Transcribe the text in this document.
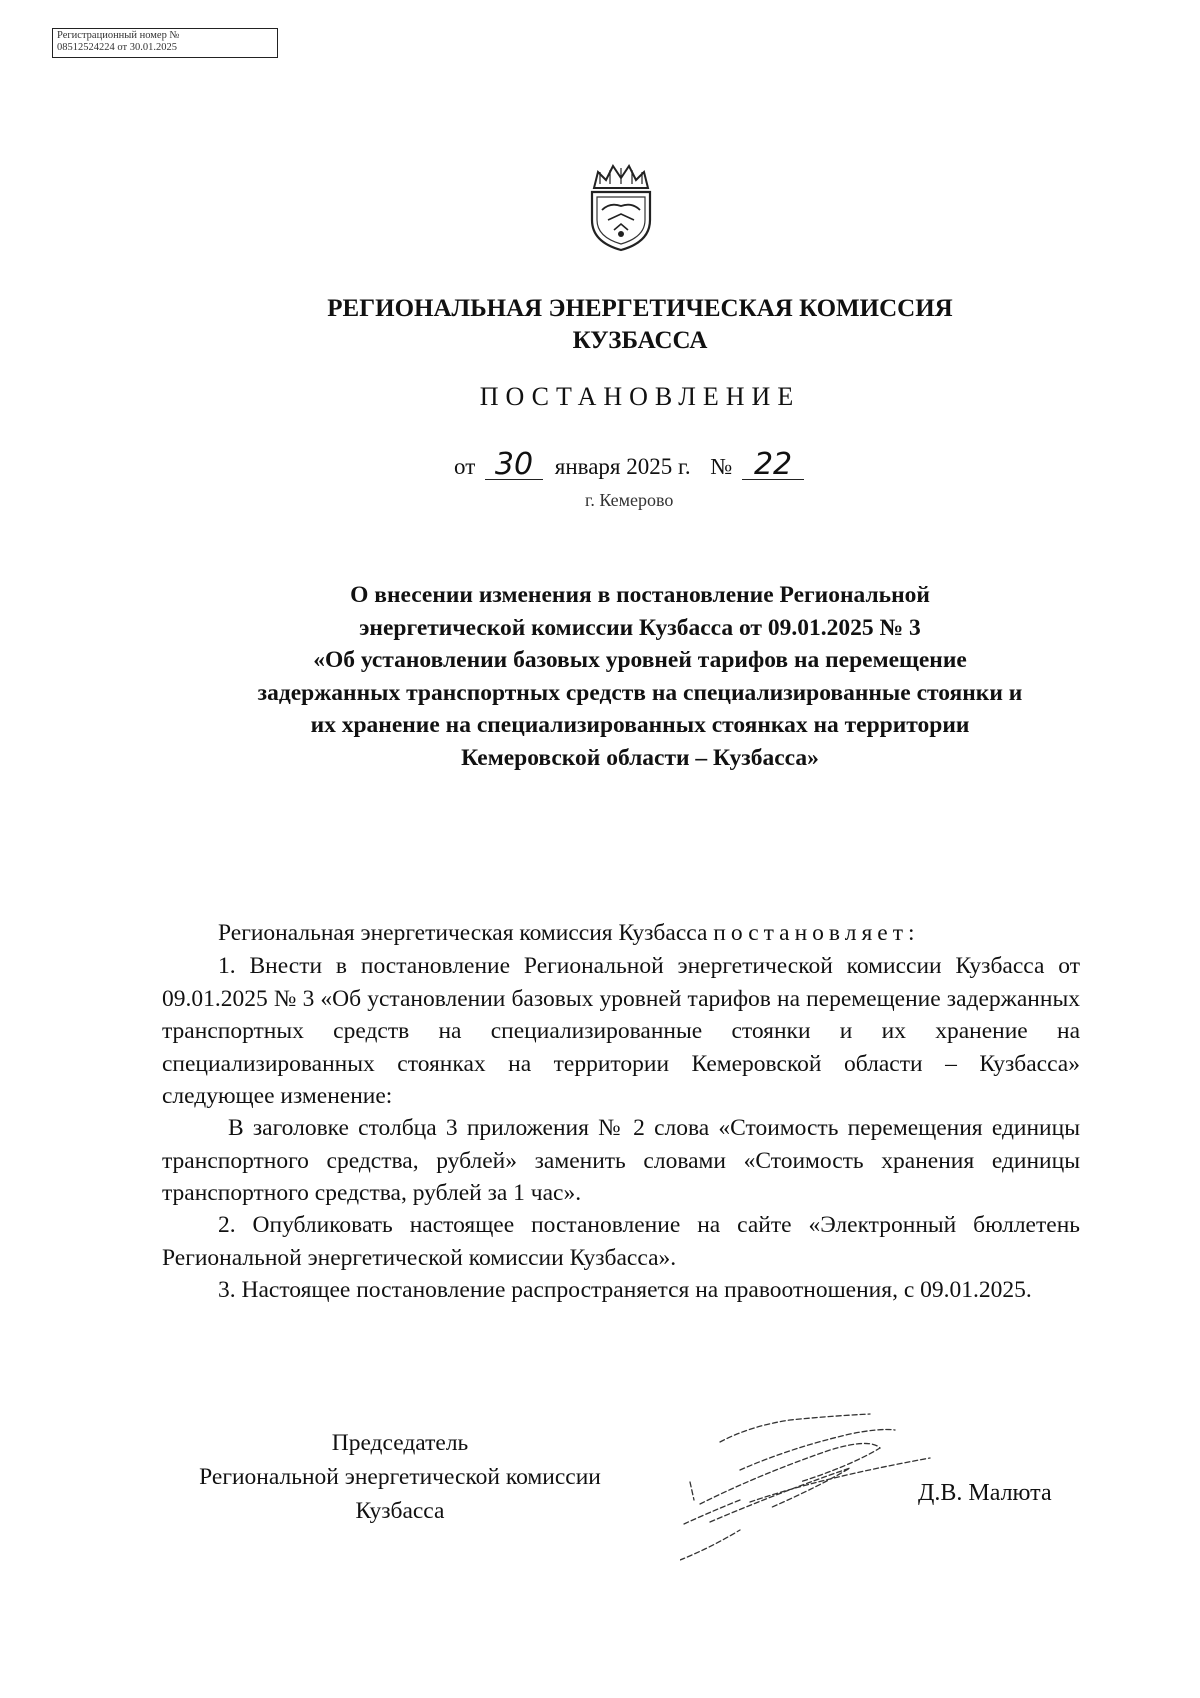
Регистрационный номер №
08512524224 от 30.01.2025
РЕГИОНАЛЬНАЯ ЭНЕРГЕТИЧЕСКАЯ КОМИССИЯ
КУЗБАССА
ПОСТАНОВЛЕНИЕ
от 30 января 2025 г. № 22
г. Кемерово
О внесении изменения в постановление Региональной
энергетической комиссии Кузбасса от 09.01.2025 № 3
«Об установлении базовых уровней тарифов на перемещение
задержанных транспортных средств на специализированные стоянки и
их хранение на специализированных стоянках на территории
Кемеровской области – Кузбасса»
Региональная энергетическая комиссия Кузбасса постановляет:
1. Внести в постановление Региональной энергетической комиссии Кузбасса от 09.01.2025 № 3 «Об установлении базовых уровней тарифов на перемещение задержанных транспортных средств на специализированные стоянки и их хранение на специализированных стоянках на территории Кемеровской области – Кузбасса» следующее изменение:
В заголовке столбца 3 приложения № 2 слова «Стоимость перемещения единицы транспортного средства, рублей» заменить словами «Стоимость хранения единицы транспортного средства, рублей за 1 час».
2. Опубликовать настоящее постановление на сайте «Электронный бюллетень Региональной энергетической комиссии Кузбасса».
3. Настоящее постановление распространяется на правоотношения, с 09.01.2025.
Председатель
Региональной энергетической комиссии
Кузбасса
Д.В. Малюта
